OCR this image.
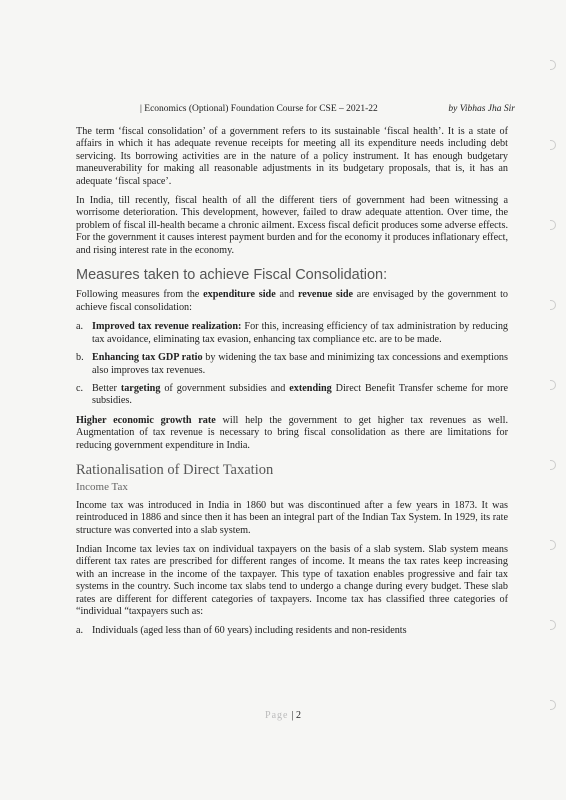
| Economics (Optional) Foundation Course for CSE – 2021-22	by Vibhas Jha Sir

The term ‘fiscal consolidation’ of a government refers to its sustainable ‘fiscal health’. It is a state of affairs in which it has adequate revenue receipts for meeting all its expenditure needs including debt servicing. Its borrowing activities are in the nature of a policy instrument. It has enough budgetary maneuverability for making all reasonable adjustments in its budgetary proposals, that is, it has an adequate ‘fiscal space’.

In India, till recently, fiscal health of all the different tiers of government had been witnessing a worrisome deterioration. This development, however, failed to draw adequate attention. Over time, the problem of fiscal ill-health became a chronic ailment. Excess fiscal deficit produces some adverse effects. For the government it causes interest payment burden and for the economy it produces inflationary effect, and rising interest rate in the economy.

Measures taken to achieve Fiscal Consolidation:

Following measures from the expenditure side and revenue side are envisaged by the government to achieve fiscal consolidation:

a. Improved tax revenue realization: For this, increasing efficiency of tax administration by reducing tax avoidance, eliminating tax evasion, enhancing tax compliance etc. are to be made.
b. Enhancing tax GDP ratio by widening the tax base and minimizing tax concessions and exemptions also improves tax revenues.
c. Better targeting of government subsidies and extending Direct Benefit Transfer scheme for more subsidies.

Higher economic growth rate will help the government to get higher tax revenues as well. Augmentation of tax revenue is necessary to bring fiscal consolidation as there are limitations for reducing government expenditure in India.

Rationalisation of Direct Taxation
Income Tax

Income tax was introduced in India in 1860 but was discontinued after a few years in 1873. It was reintroduced in 1886 and since then it has been an integral part of the Indian Tax System. In 1929, its rate structure was converted into a slab system.

Indian Income tax levies tax on individual taxpayers on the basis of a slab system. Slab system means different tax rates are prescribed for different ranges of income. It means the tax rates keep increasing with an increase in the income of the taxpayer. This type of taxation enables progressive and fair tax systems in the country. Such income tax slabs tend to undergo a change during every budget. These slab rates are different for different categories of taxpayers. Income tax has classified three categories of “individual “taxpayers such as:

a. Individuals (aged less than of 60 years) including residents and non-residents
Page | 2
